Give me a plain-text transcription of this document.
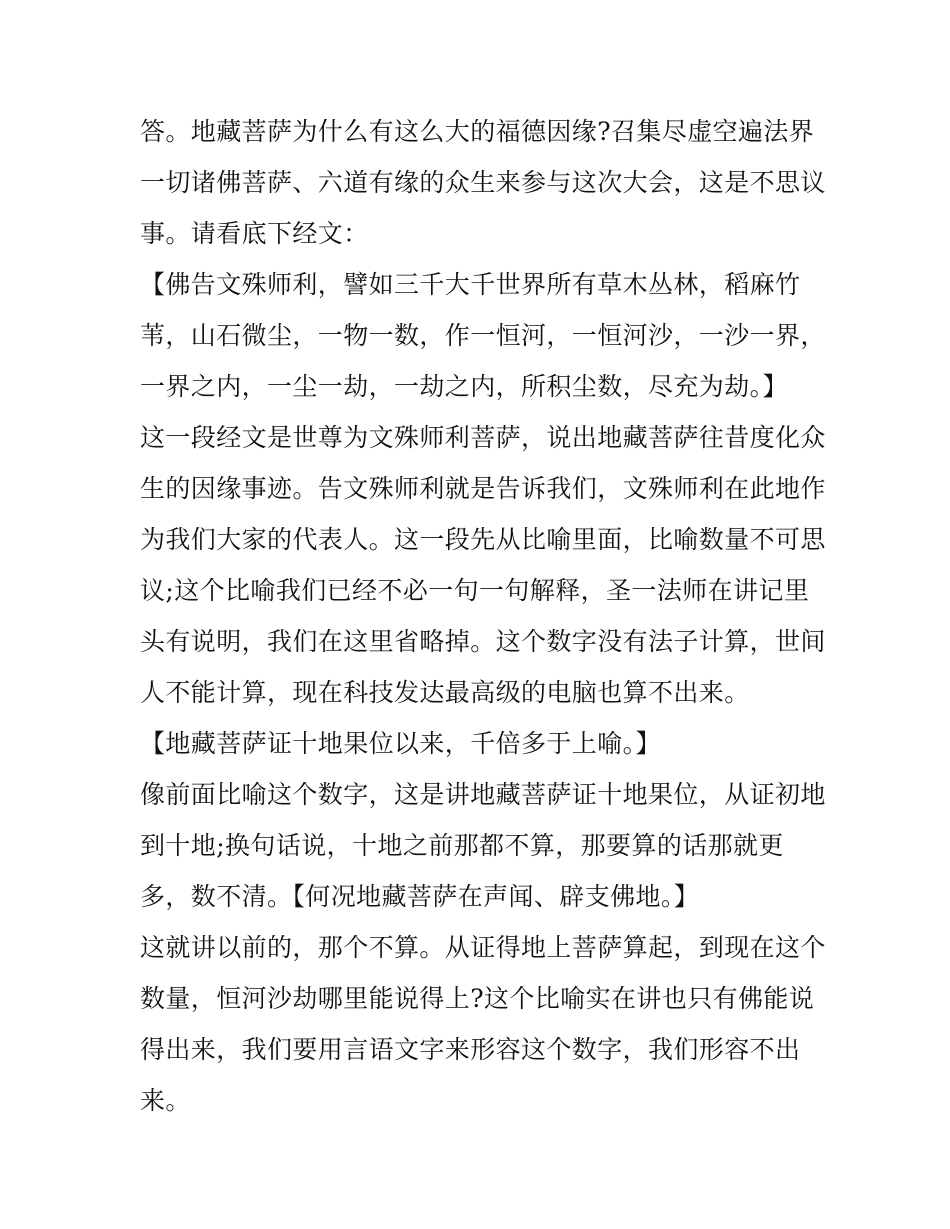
答。地藏菩萨为什么有这么大的福德因缘?召集尽虚空遍法界
一切诸佛菩萨、六道有缘的众生来参与这次大会，这是不思议
事。请看底下经文：
【佛告文殊师利，譬如三千大千世界所有草木丛林，稻麻竹
苇，山石微尘，一物一数，作一恒河，一恒河沙，一沙一界，
一界之内，一尘一劫，一劫之内，所积尘数，尽充为劫。】
这一段经文是世尊为文殊师利菩萨，说出地藏菩萨往昔度化众
生的因缘事迹。告文殊师利就是告诉我们，文殊师利在此地作
为我们大家的代表人。这一段先从比喻里面，比喻数量不可思
议;这个比喻我们已经不必一句一句解释，圣一法师在讲记里
头有说明，我们在这里省略掉。这个数字没有法子计算，世间
人不能计算，现在科技发达最高级的电脑也算不出来。
【地藏菩萨证十地果位以来，千倍多于上喻。】
像前面比喻这个数字，这是讲地藏菩萨证十地果位，从证初地
到十地;换句话说，十地之前那都不算，那要算的话那就更
多，数不清。【何况地藏菩萨在声闻、辟支佛地。】
这就讲以前的，那个不算。从证得地上菩萨算起，到现在这个
数量，恒河沙劫哪里能说得上?这个比喻实在讲也只有佛能说
得出来，我们要用言语文字来形容这个数字，我们形容不出
来。
